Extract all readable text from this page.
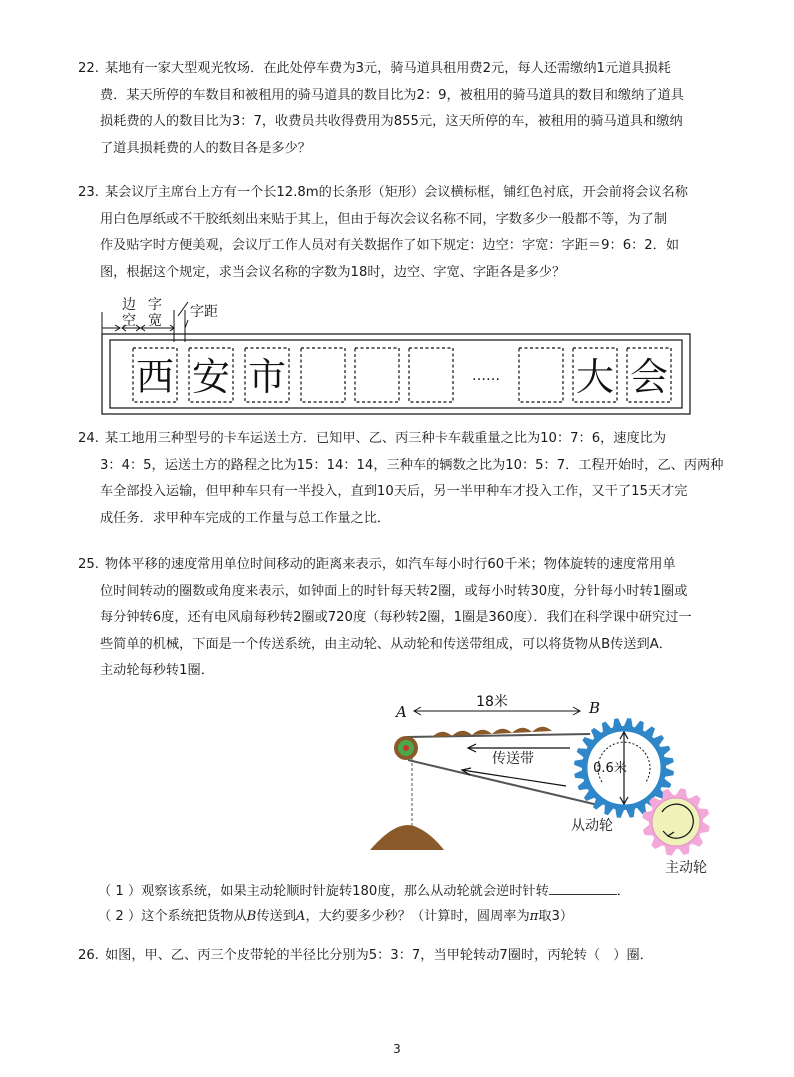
22. 某地有一家大型观光牧场．在此处停车费为3元，骑马道具租用费2元，每人还需缴纳1元道具损耗
费．某天所停的车数目和被租用的骑马道具的数目比为2：9，被租用的骑马道具的数目和缴纳了道具
损耗费的人的数目比为3：7，收费员共收得费用为855元，这天所停的车，被租用的骑马道具和缴纳
了道具损耗费的人的数目各是多少？
23. 某会议厅主席台上方有一个长12.8m的长条形（矩形）会议横标框，铺红色衬底，开会前将会议名称
用白色厚纸或不干胶纸刻出来贴于其上，但由于每次会议名称不同，字数多少一般都不等，为了制
作及贴字时方便美观，会议厅工作人员对有关数据作了如下规定：边空：字宽：字距＝9：6：2．如
图，根据这个规定，求当会议名称的字数为18时，边空、字宽、字距各是多少？
边
空
字
宽
字距
西 安 市	大 会
……
24. 某工地用三种型号的卡车运送土方．已知甲、乙、丙三种卡车载重量之比为10：7：6，速度比为
3：4：5，运送土方的路程之比为15：14：14，三种车的辆数之比为10：5：7．工程开始时，乙、丙两种
车全部投入运输，但甲种车只有一半投入，直到10天后，另一半甲种车才投入工作，又干了15天才完
成任务．求甲种车完成的工作量与总工作量之比．
25. 物体平移的速度常用单位时间移动的距离来表示，如汽车每小时行60千米；物体旋转的速度常用单
位时间转动的圈数或角度来表示，如钟面上的时针每天转2圈，或每小时转30度，分针每小时转1圈或
每分钟转6度，还有电风扇每秒转2圈或720度（每秒转2圈，1圈是360度）．我们在科学课中研究过一
些简单的机械，下面是一个传送系统，由主动轮、从动轮和传送带组成，可以将货物从B传送到A．
主动轮每秒转1圈．
A	B
18米
传送带
0.6米
从动轮
主动轮
（ 1 ）观察该系统，如果主动轮顺时针旋转180度，那么从动轮就会逆时针转	．
（ 2 ）这个系统把货物从B传送到A，大约要多少秒？（计算时，圆周率为π取3）
26. 如图，甲、乙、丙三个皮带轮的半径比分别为5：3：7，当甲轮转动7圈时，丙轮转（　）圈．
3
